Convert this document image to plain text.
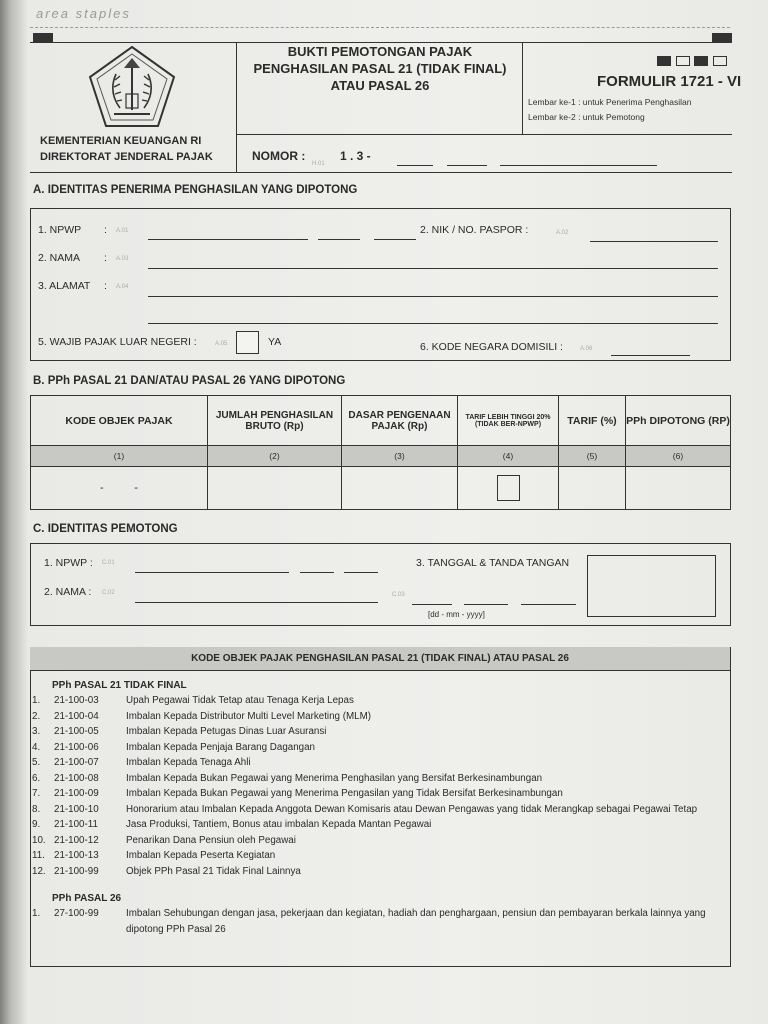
area staples
KEMENTERIAN KEUANGAN RI
DIREKTORAT JENDERAL PAJAK
BUKTI PEMOTONGAN PAJAK
PENGHASILAN PASAL 21 (TIDAK FINAL)
ATAU PASAL 26	FORMULIR 1721 - VI
Lembar ke-1 : untuk Penerima Penghasilan
Lembar ke-2 : untuk Pemotong
NOMOR :
H.01
1 . 3 -
A. IDENTITAS PENERIMA PENGHASILAN YANG DIPOTONG
1. NPWP : A.01	2. NIK / NO. PASPOR :	A.02
2. NAMA : A.03
3. ALAMAT : A.04
5. WAJIB PAJAK LUAR NEGERI :	A.05	YA	6. KODE NEGARA DOMISILI :	A.06
B. PPh PASAL 21 DAN/ATAU PASAL 26 YANG DIPOTONG
KODE OBJEK PAJAK	JUMLAH PENGHASILAN BRUTO (Rp)	DASAR PENGENAAN PAJAK (Rp)	TARIF LEBIH TINGGI 20% (TIDAK BER-NPWP)	TARIF (%)	PPh DIPOTONG (RP)
(1)	(2)	(3)	(4)	(5)	(6)
-          -			

C. IDENTITAS PEMOTONG
1. NPWP : C.01
2. NAMA : C.02
3. TANGGAL & TANDA TANGAN
C.03
[dd - mm - yyyy]
KODE OBJEK PAJAK PENGHASILAN PASAL 21 (TIDAK FINAL) ATAU PASAL 26
PPh PASAL 21 TIDAK FINAL
1.	21-100-03	Upah Pegawai Tidak Tetap atau Tenaga Kerja Lepas
2.	21-100-04	Imbalan Kepada Distributor Multi Level Marketing (MLM)
3.	21-100-05	Imbalan Kepada Petugas Dinas Luar Asuransi
4.	21-100-06	Imbalan Kepada Penjaja Barang Dagangan
5.	21-100-07	Imbalan Kepada Tenaga Ahli
6.	21-100-08	Imbalan Kepada Bukan Pegawai yang Menerima Penghasilan yang Bersifat Berkesinambungan
7.	21-100-09	Imbalan Kepada Bukan Pegawai yang Menerima Pengasilan yang Tidak Bersifat Berkesinambungan
8.	21-100-10	Honorarium atau Imbalan Kepada Anggota Dewan Komisaris atau Dewan Pengawas yang tidak Merangkap sebagai Pegawai Tetap
9.	21-100-11	Jasa Produksi, Tantiem, Bonus atau imbalan Kepada Mantan Pegawai
10. 21-100-12	Penarikan Dana Pensiun oleh Pegawai
11. 21-100-13	Imbalan Kepada Peserta Kegiatan
12. 21-100-99	Objek PPh Pasal 21 Tidak Final Lainnya
PPh PASAL 26
1.	27-100-99	Imbalan Sehubungan dengan jasa, pekerjaan dan kegiatan, hadiah dan penghargaan, pensiun dan pembayaran berkala lainnya yang dipotong PPh Pasal 26
